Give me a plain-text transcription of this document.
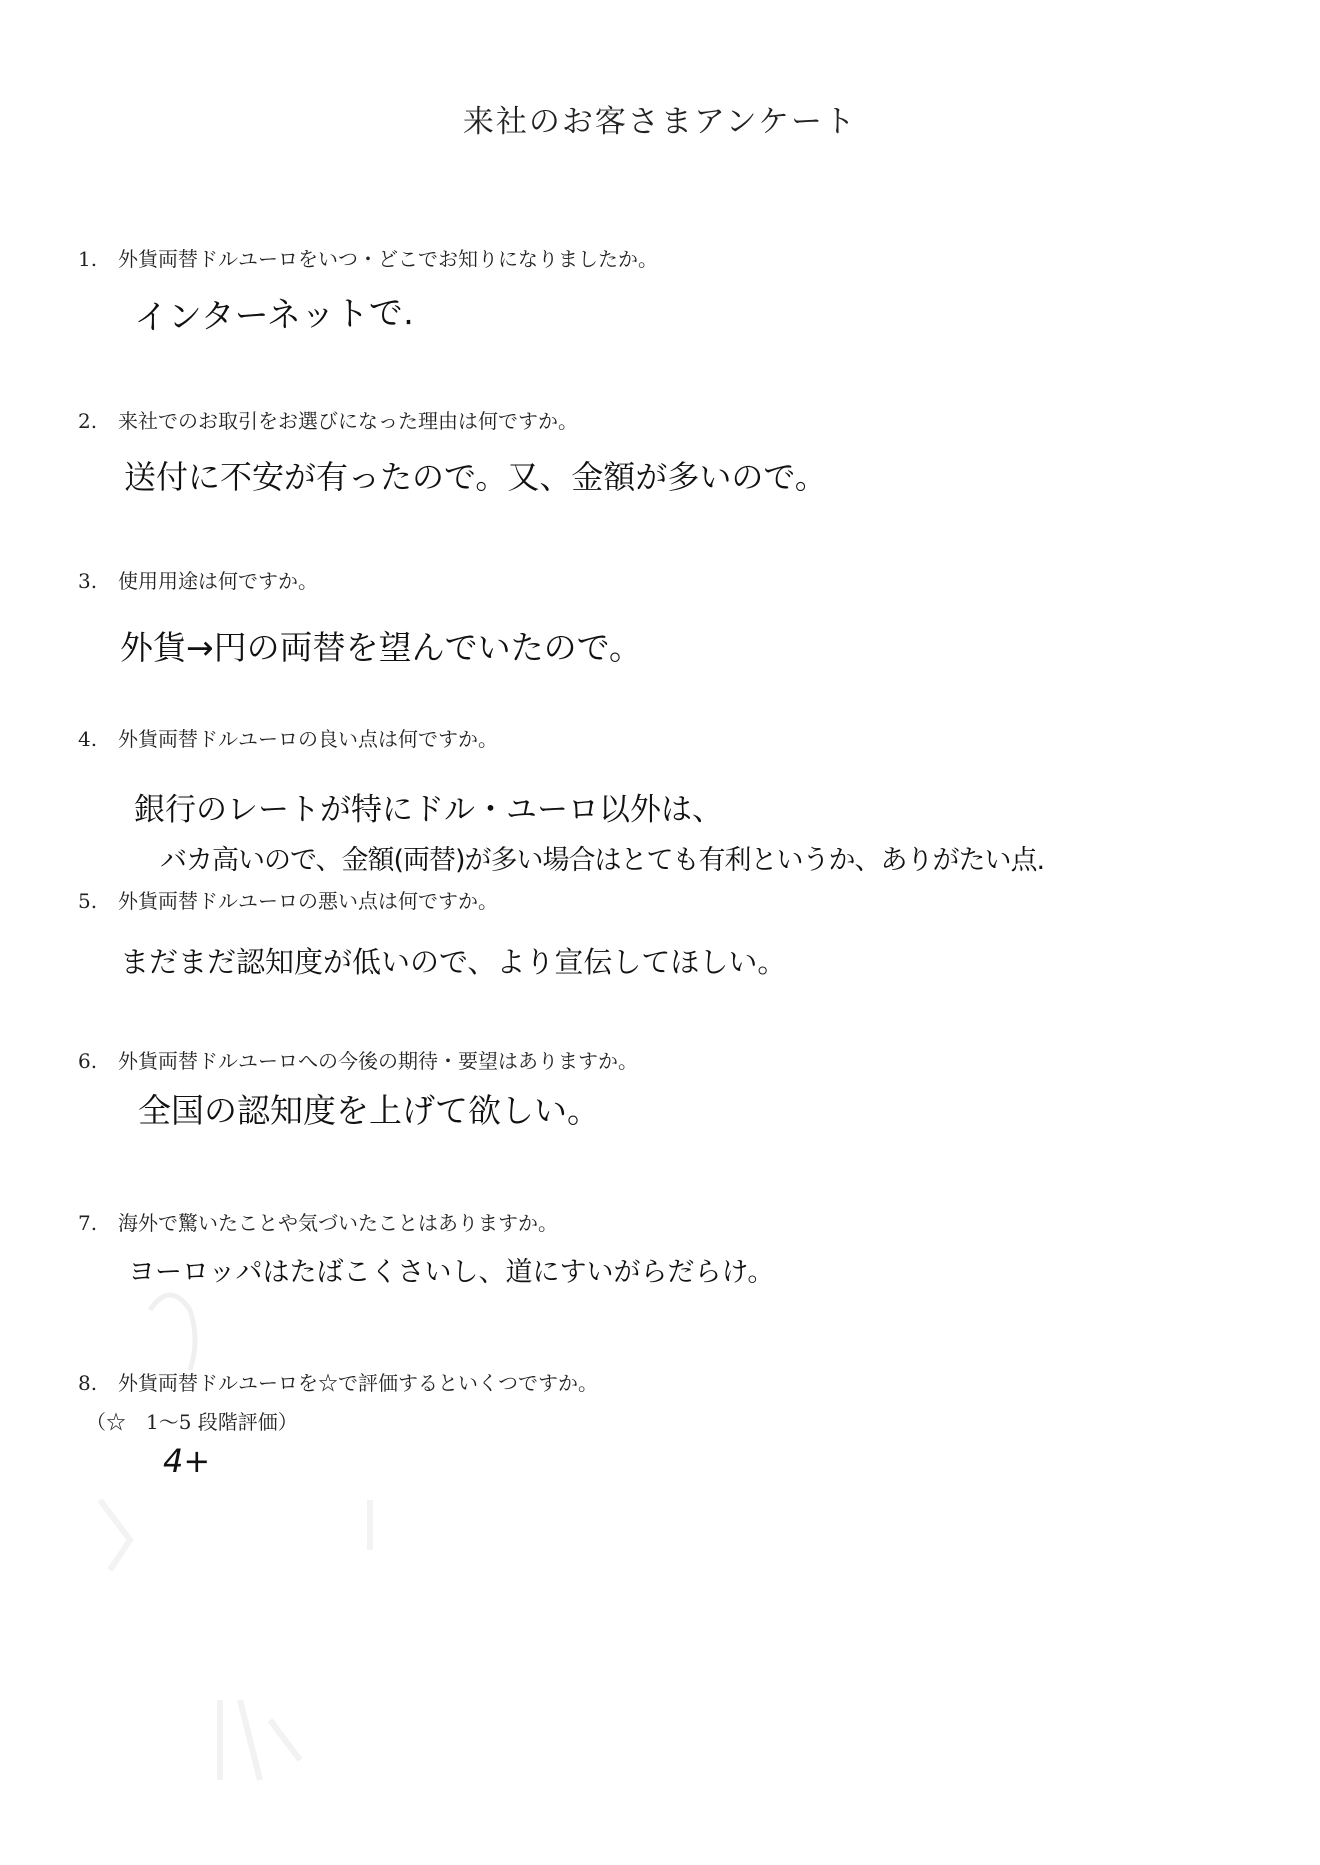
来社のお客さまアンケート
1. 外貨両替ドルユーロをいつ・どこでお知りになりましたか。
インターネットで.
2. 来社でのお取引をお選びになった理由は何ですか。
送付に不安が有ったので。又、金額が多いので。
3. 使用用途は何ですか。
外貨→円の両替を望んでいたので。
4. 外貨両替ドルユーロの良い点は何ですか。
銀行のレートが特にドル・ユーロ以外は、
バカ高いので、金額(両替)が多い場合はとても有利というか、ありがたい点.
5. 外貨両替ドルユーロの悪い点は何ですか。
まだまだ認知度が低いので、より宣伝してほしい。
6. 外貨両替ドルユーロへの今後の期待・要望はありますか。
全国の認知度を上げて欲しい。
7. 海外で驚いたことや気づいたことはありますか。
ヨーロッパはたばこくさいし、道にすいがらだらけ。
8. 外貨両替ドルユーロを☆で評価するといくつですか。
（☆　1〜5 段階評価）
4+
